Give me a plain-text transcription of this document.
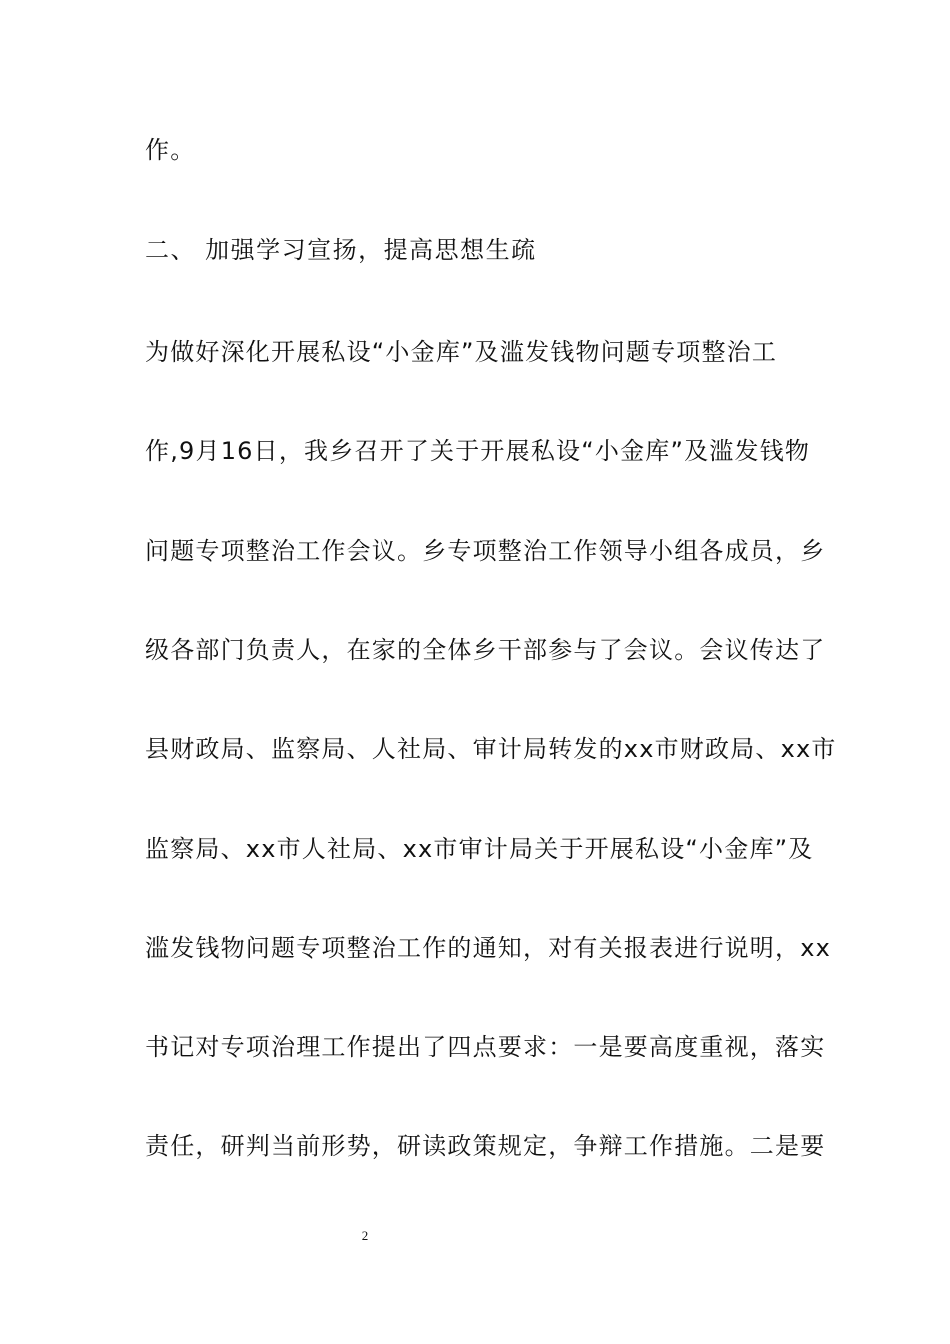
作。
二、 加强学习宣扬，提高思想生疏
为做好深化开展私设“小金库”及滥发钱物问题专项整治工
作,9月16日，我乡召开了关于开展私设“小金库”及滥发钱物
问题专项整治工作会议。乡专项整治工作领导小组各成员，乡
级各部门负责人，在家的全体乡干部参与了会议。会议传达了
县财政局、监察局、人社局、审计局转发的xx市财政局、xx市
监察局、xx市人社局、xx市审计局关于开展私设“小金库”及
滥发钱物问题专项整治工作的通知，对有关报表进行说明，xx
书记对专项治理工作提出了四点要求：一是要高度重视，落实
责任，研判当前形势，研读政策规定，争辩工作措施。二是要
2
